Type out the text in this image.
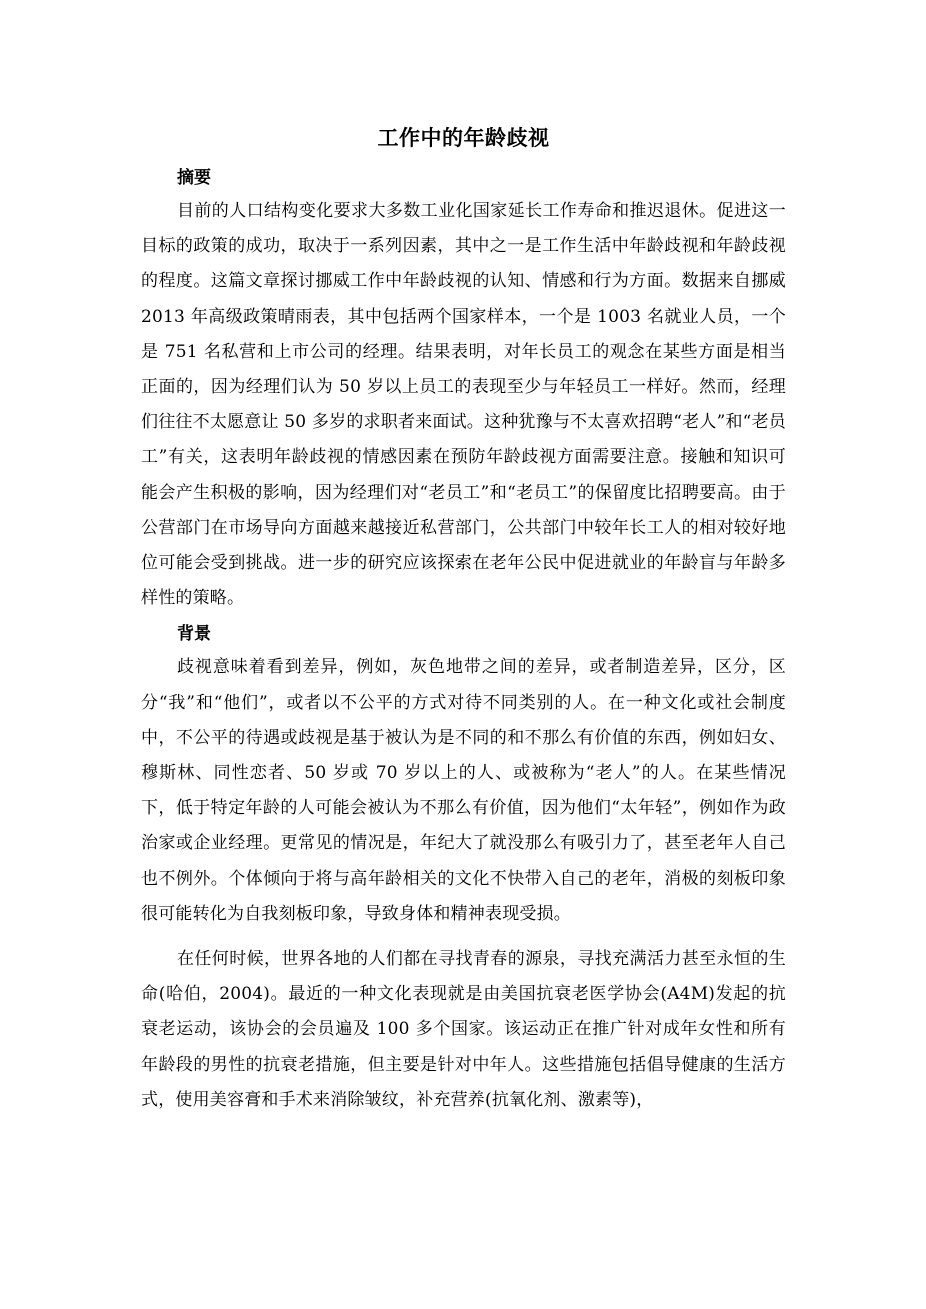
工作中的年龄歧视
摘要

目前的人口结构变化要求大多数工业化国家延长工作寿命和推迟退休。促进这一目标的政策的成功，取决于一系列因素，其中之一是工作生活中年龄歧视和年龄歧视的程度。这篇文章探讨挪威工作中年龄歧视的认知、情感和行为方面。数据来自挪威 2013 年高级政策晴雨表，其中包括两个国家样本，一个是 1003 名就业人员，一个是 751 名私营和上市公司的经理。结果表明，对年长员工的观念在某些方面是相当正面的，因为经理们认为 50 岁以上员工的表现至少与年轻员工一样好。然而，经理们往往不太愿意让 50 多岁的求职者来面试。这种犹豫与不太喜欢招聘“老人”和“老员工”有关，这表明年龄歧视的情感因素在预防年龄歧视方面需要注意。接触和知识可能会产生积极的影响，因为经理们对“老员工”和“老员工”的保留度比招聘要高。由于公营部门在市场导向方面越来越接近私营部门，公共部门中较年长工人的相对较好地位可能会受到挑战。进一步的研究应该探索在老年公民中促进就业的年龄盲与年龄多样性的策略。

背景

歧视意味着看到差异，例如，灰色地带之间的差异，或者制造差异，区分，区分“我”和“他们”，或者以不公平的方式对待不同类别的人。在一种文化或社会制度中，不公平的待遇或歧视是基于被认为是不同的和不那么有价值的东西，例如妇女、穆斯林、同性恋者、50 岁或 70 岁以上的人、或被称为“老人”的人。在某些情况下，低于特定年龄的人可能会被认为不那么有价值，因为他们“太年轻”，例如作为政治家或企业经理。更常见的情况是，年纪大了就没那么有吸引力了，甚至老年人自己也不例外。个体倾向于将与高年龄相关的文化不快带入自己的老年，消极的刻板印象很可能转化为自我刻板印象，导致身体和精神表现受损。

在任何时候，世界各地的人们都在寻找青春的源泉，寻找充满活力甚至永恒的生命(哈伯，2004)。最近的一种文化表现就是由美国抗衰老医学协会(A4M)发起的抗衰老运动，该协会的会员遍及 100 多个国家。该运动正在推广针对成年女性和所有年龄段的男性的抗衰老措施，但主要是针对中年人。这些措施包括倡导健康的生活方式，使用美容膏和手术来消除皱纹，补充营养(抗氧化剂、激素等)，
